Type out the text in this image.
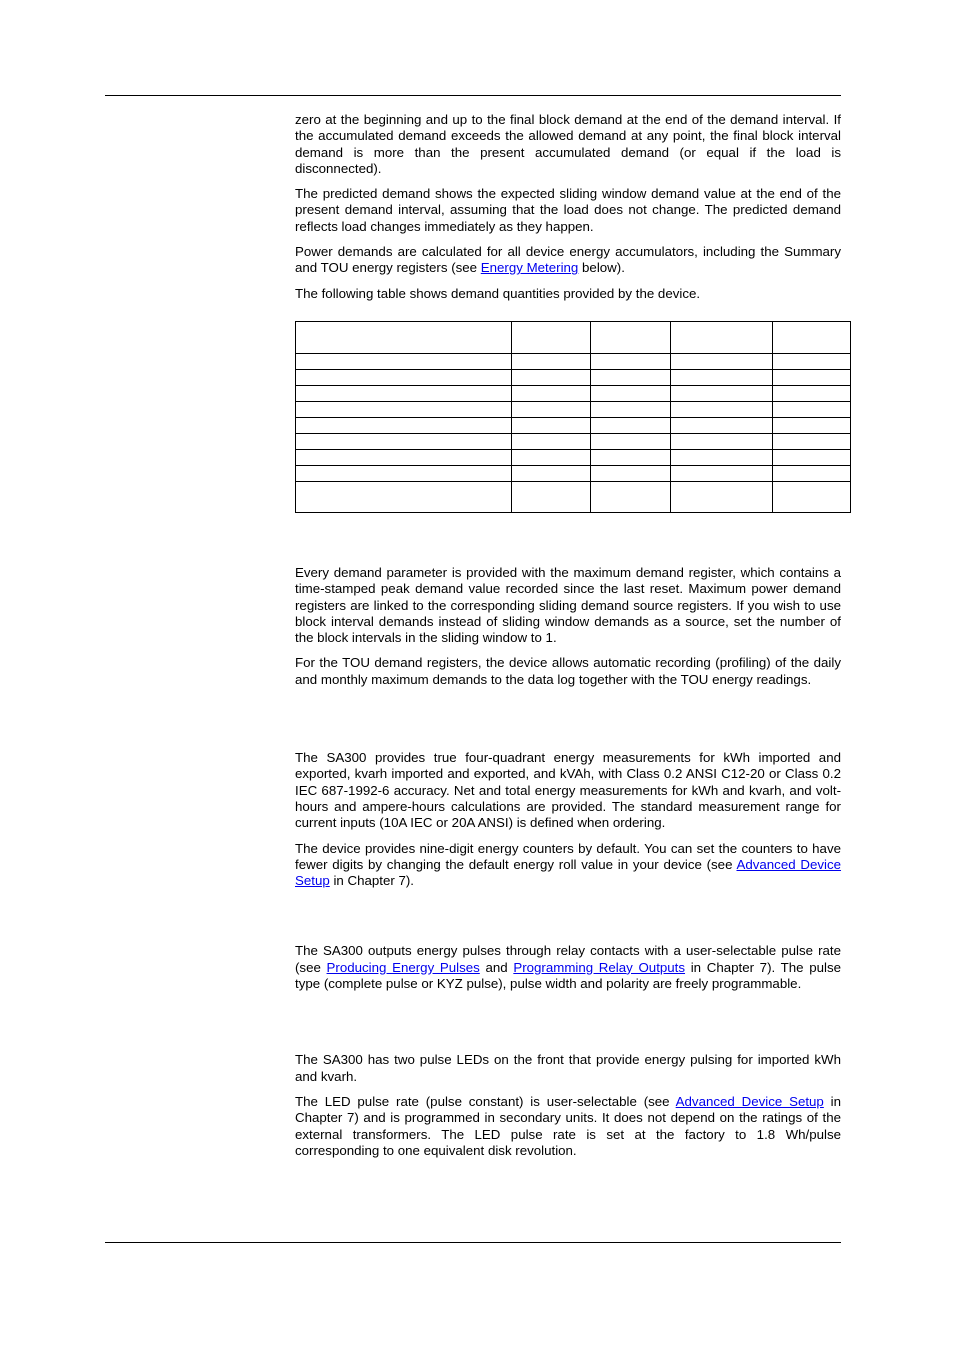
zero at the beginning and up to the final block demand at the end of the demand interval. If the accumulated demand exceeds the allowed demand at any point, the final block interval demand is more than the present accumulated demand (or equal if the load is disconnected).

The predicted demand shows the expected sliding window demand value at the end of the present demand interval, assuming that the load does not change. The predicted demand reflects load changes immediately as they happen.

Power demands are calculated for all device energy accumulators, including the Summary and TOU energy registers (see Energy Metering below).

The following table shows demand quantities provided by the device.

Every demand parameter is provided with the maximum demand register, which contains a time-stamped peak demand value recorded since the last reset. Maximum power demand registers are linked to the corresponding sliding demand source registers. If you wish to use block interval demands instead of sliding window demands as a source, set the number of the block intervals in the sliding window to 1.

For the TOU demand registers, the device allows automatic recording (profiling) of the daily and monthly maximum demands to the data log together with the TOU energy readings.

The SA300 provides true four-quadrant energy measurements for kWh imported and exported, kvarh imported and exported, and kVAh, with Class 0.2 ANSI C12-20 or Class 0.2 IEC 687-1992-6 accuracy. Net and total energy measurements for kWh and kvarh, and volt-hours and ampere-hours calculations are provided. The standard measurement range for current inputs (10A IEC or 20A ANSI) is defined when ordering.

The device provides nine-digit energy counters by default. You can set the counters to have fewer digits by changing the default energy roll value in your device (see Advanced Device Setup in Chapter 7).

The SA300 outputs energy pulses through relay contacts with a user-selectable pulse rate (see Producing Energy Pulses and Programming Relay Outputs in Chapter 7). The pulse type (complete pulse or KYZ pulse), pulse width and polarity are freely programmable.

The SA300 has two pulse LEDs on the front that provide energy pulsing for imported kWh and kvarh.

The LED pulse rate (pulse constant) is user-selectable (see Advanced Device Setup in Chapter 7) and is programmed in secondary units. It does not depend on the ratings of the external transformers. The LED pulse rate is set at the factory to 1.8 Wh/pulse corresponding to one equivalent disk revolution.
